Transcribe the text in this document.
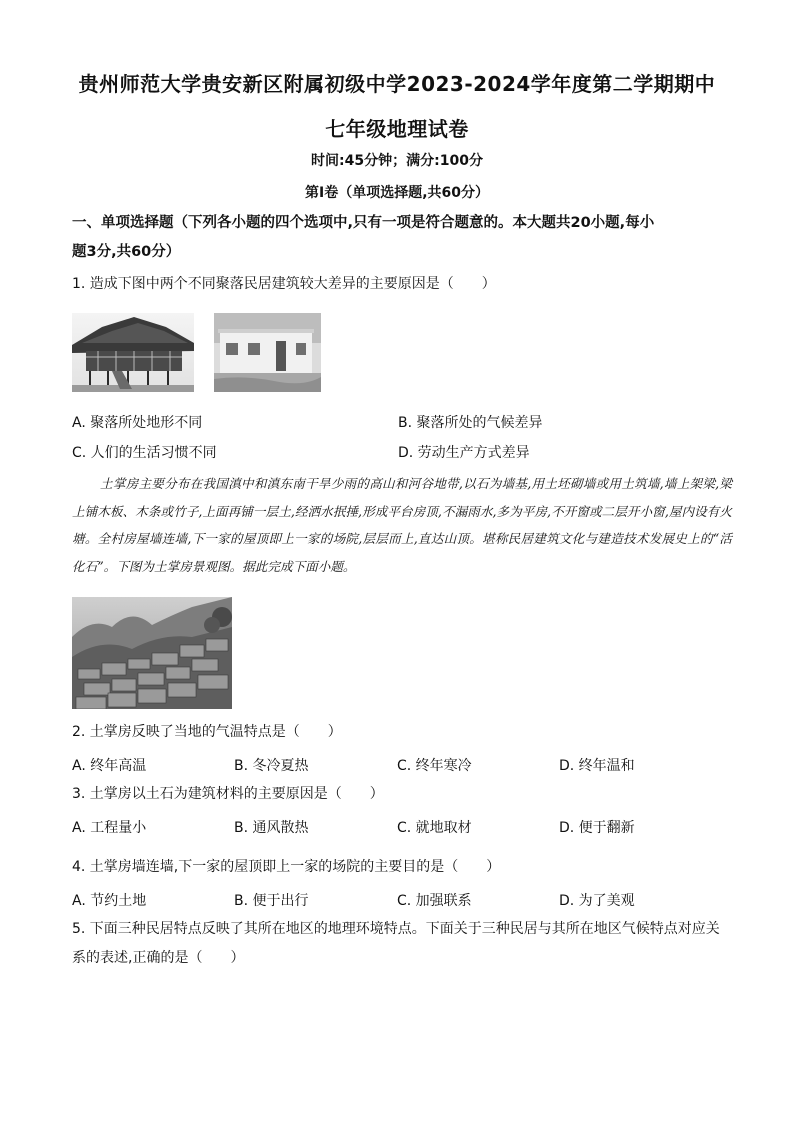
贵州师范大学贵安新区附属初级中学2023-2024学年度第二学期期中
七年级地理试卷
时间:45分钟；满分:100分
第Ⅰ卷（单项选择题,共60分）
一、单项选择题（下列各小题的四个选项中,只有一项是符合题意的。本大题共20小题,每小
题3分,共60分）
1. 造成下图中两个不同聚落民居建筑较大差异的主要原因是（　　）
A. 聚落所处地形不同	B. 聚落所处的气候差异
C. 人们的生活习惯不同	D. 劳动生产方式差异
土掌房主要分布在我国滇中和滇东南干旱少雨的高山和河谷地带,以石为墙基,用土坯砌墙或用土筑墙,墙上架梁,梁上铺木板、木条或竹子,上面再铺一层土,经洒水抿捶,形成平台房顶,不漏雨水,多为平房,不开窗或二层开小窗,屋内设有火塘。全村房屋墙连墙,下一家的屋顶即上一家的场院,层层而上,直达山顶。堪称民居建筑文化与建造技术发展史上的“活化石”。下图为土掌房景观图。据此完成下面小题。
2. 土掌房反映了当地的气温特点是（　　）
A. 终年高温	B. 冬冷夏热	C. 终年寒冷	D. 终年温和
3. 土掌房以土石为建筑材料的主要原因是（　　）
A. 工程量小	B. 通风散热	C. 就地取材	D. 便于翻新
4. 土掌房墙连墙,下一家的屋顶即上一家的场院的主要目的是（　　）
A. 节约土地	B. 便于出行	C. 加强联系	D. 为了美观
5. 下面三种民居特点反映了其所在地区的地理环境特点。下面关于三种民居与其所在地区气候特点对应关
系的表述,正确的是（　　）
